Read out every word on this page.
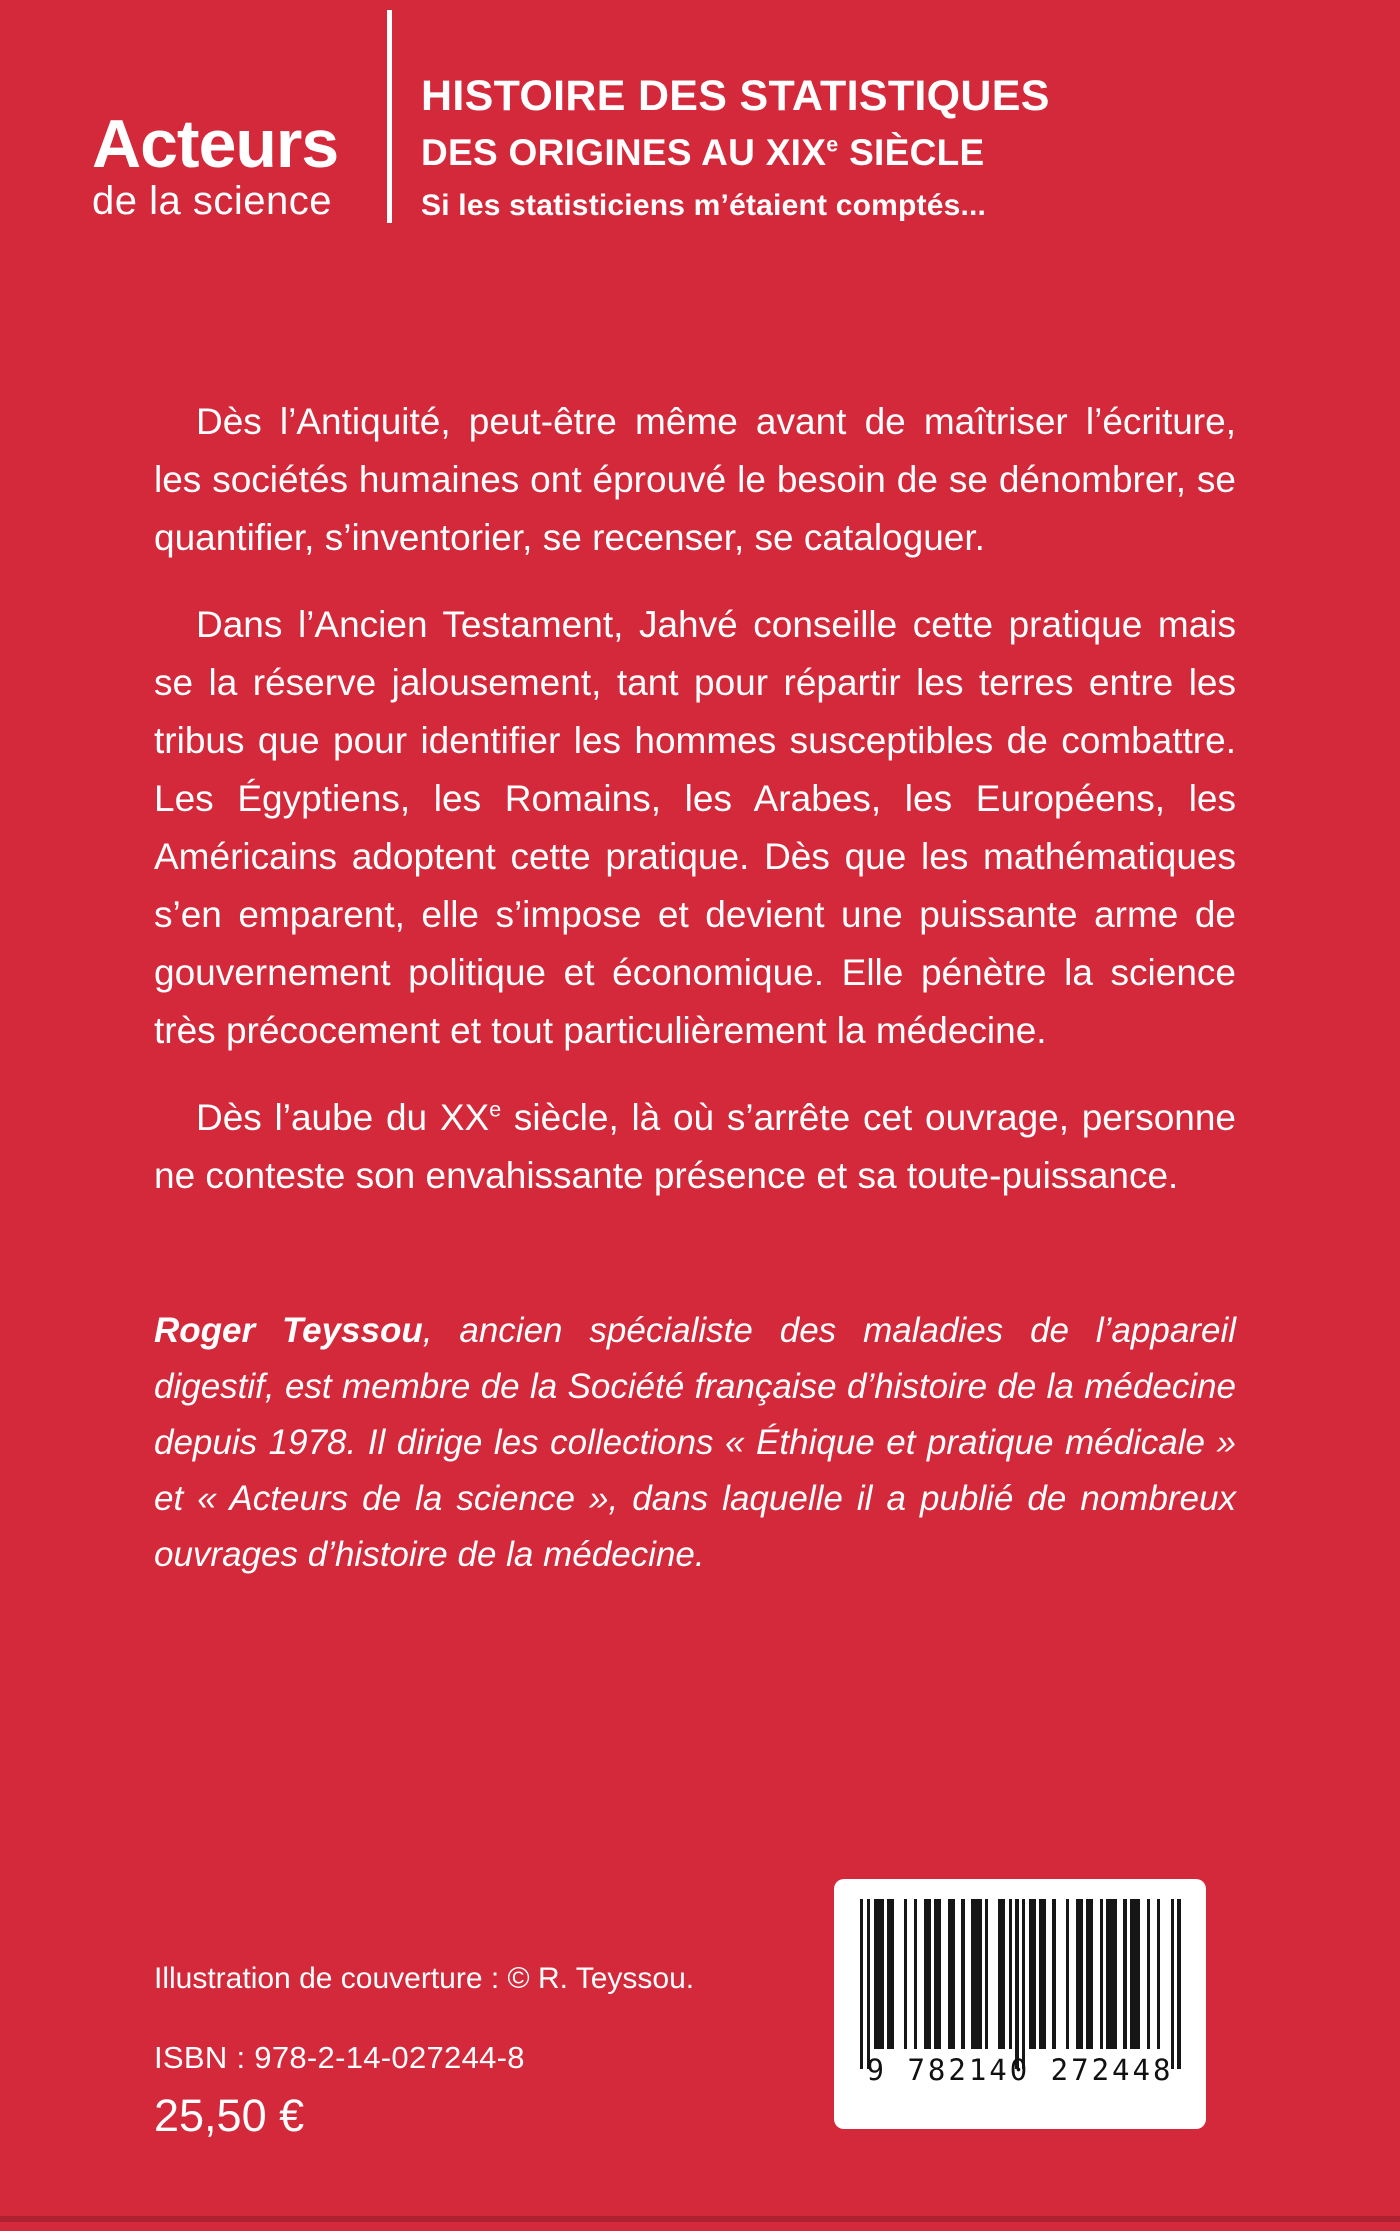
Acteurs
de la science
HISTOIRE DES STATISTIQUES
DES ORIGINES AU XIXe SIÈCLE
Si les statisticiens m’étaient comptés...

Dès l’Antiquité, peut-être même avant de maîtriser l’écriture, les sociétés humaines ont éprouvé le besoin de se dénombrer, se quantifier, s’inventorier, se recenser, se cataloguer.

Dans l’Ancien Testament, Jahvé conseille cette pratique mais se la réserve jalousement, tant pour répartir les terres entre les tribus que pour identifier les hommes susceptibles de combattre. Les Égyptiens, les Romains, les Arabes, les Européens, les Américains adoptent cette pratique. Dès que les mathématiques s’en emparent, elle s’impose et devient une puissante arme de gouvernement politique et économique. Elle pénètre la science très précocement et tout particulièrement la médecine.

Dès l’aube du XXe siècle, là où s’arrête cet ouvrage, personne ne conteste son envahissante présence et sa toute-puissance.

Roger Teyssou, ancien spécialiste des maladies de l’appareil digestif, est membre de la Société française d’histoire de la médecine depuis 1978. Il dirige les collections « Éthique et pratique médicale » et « Acteurs de la science », dans laquelle il a publié de nombreux ouvrages d’histoire de la médecine.

Illustration de couverture : © R. Teyssou.
ISBN : 978-2-14-027244-8
25,50 €
9 782140 272448
